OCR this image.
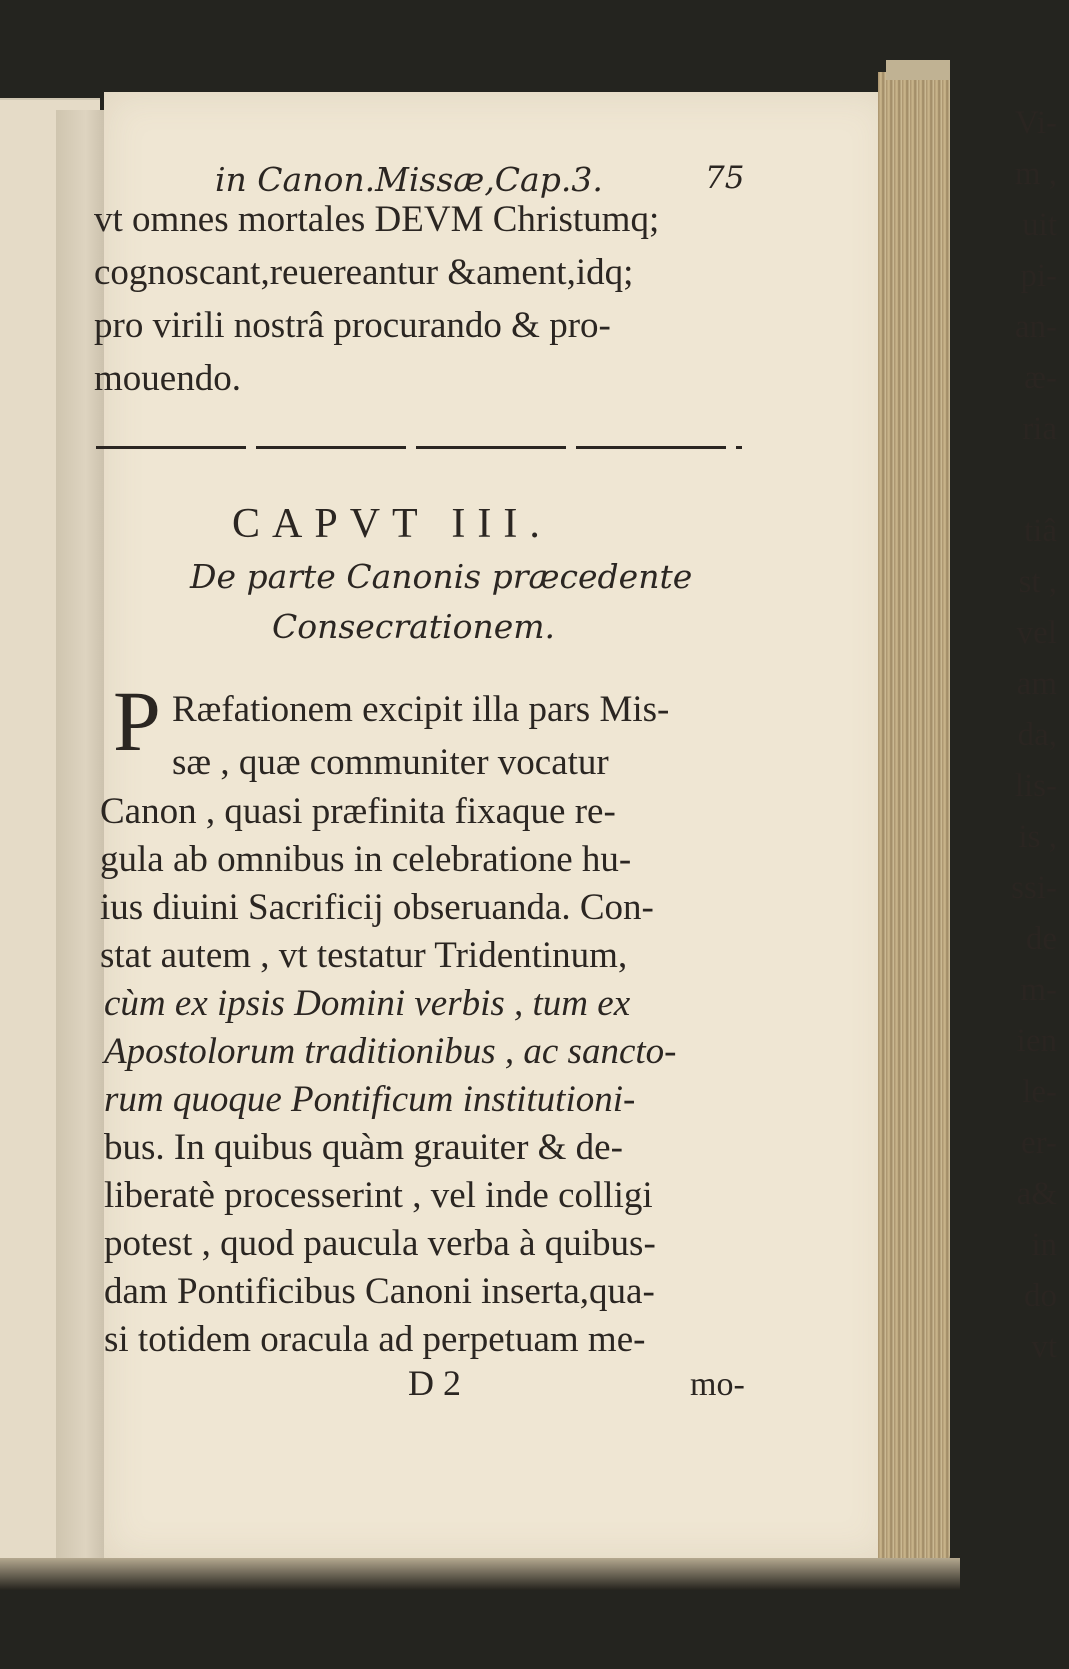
Vi-
m ,
uit
pi-
an-
æ-
ria

tiâ
st ,
vel
am
da,
lis-
is ,
ssi-
de
m-
ien
le-
er-
a&
in
do
vt
in Canon.Missæ,Cap.3.	75
vt omnes mortales DEVM Christumq;
cognoscant,reuereantur &ament,idq;
pro virili nostrâ procurando & pro-
mouendo.
CAPVT III.
De parte Canonis præcedente
Consecrationem.
P Ræfationem excipit illa pars Mis-
sæ , quæ communiter vocatur
Canon , quasi præfinita fixaque re-
gula ab omnibus in celebratione hu-
ius diuini Sacrificij obseruanda. Con-
stat autem , vt testatur Tridentinum,
cùm ex ipsis Domini verbis , tum ex
Apostolorum traditionibus , ac sancto-
rum quoque Pontificum institutioni-
bus. In quibus quàm grauiter & de-
liberatè processerint , vel inde colligi
potest , quod paucula verba à quibus-
dam Pontificibus Canoni inserta,qua-
si totidem oracula ad perpetuam me-
D 2	mo-
